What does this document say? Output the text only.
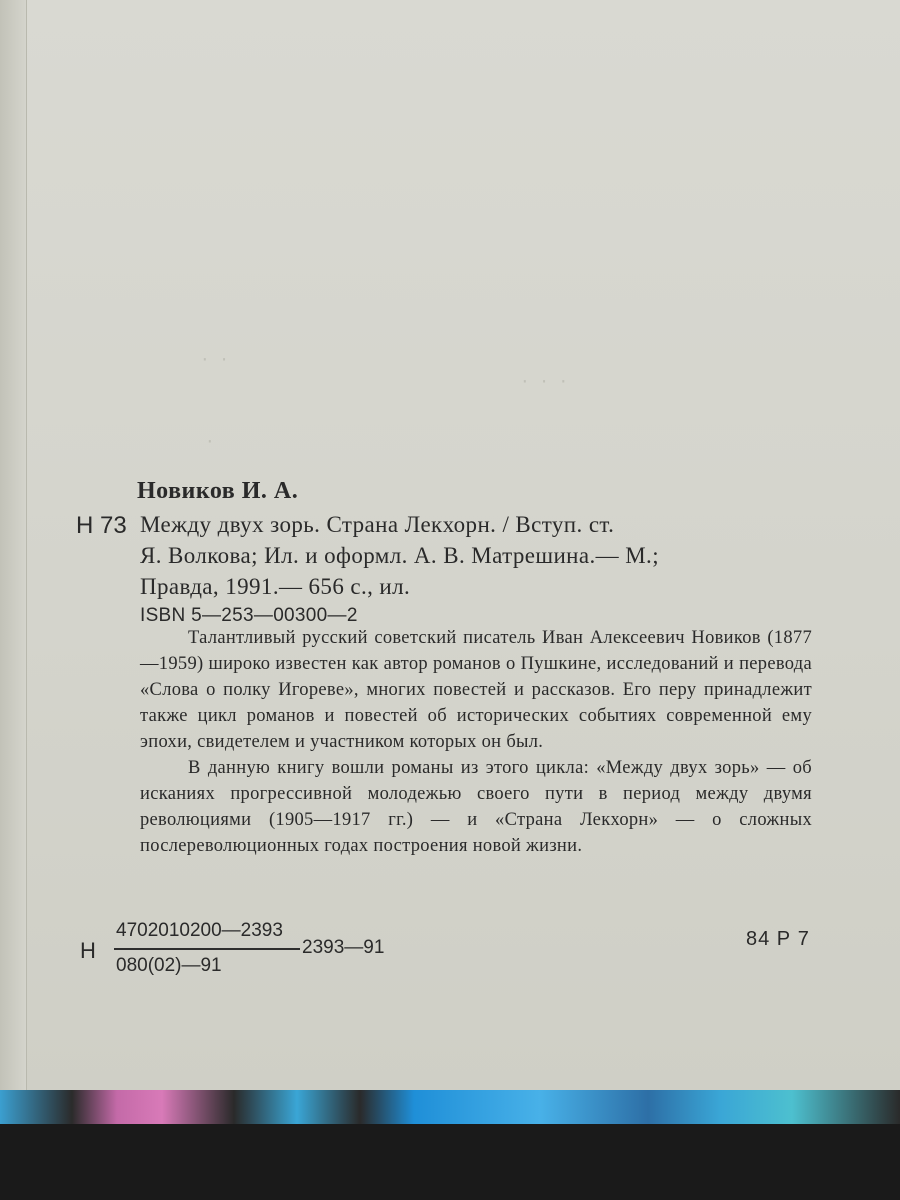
· ·
· · ·
·
Новиков И. А.
Н 73 Между двух зорь. Страна Лекхорн. / Вступ. ст.
Я. Волкова; Ил. и оформл. А. В. Матрешина.— М.;
Правда, 1991.— 656 с., ил.
ISBN 5—253—00300—2

Талантливый русский советский писатель Иван Алексеевич Новиков (1877—1959) широко известен как автор романов о Пушкине, исследований и перевода «Слова о полку Игореве», многих повестей и рассказов. Его перу принадлежит также цикл романов и повестей об исторических событиях современной ему эпохи, свидетелем и участником которых он был.

В данную книгу вошли романы из этого цикла: «Между двух зорь» — об исканиях прогрессивной молодежью своего пути в период между двумя революциями (1905—1917 гг.) — и «Страна Лекхорн» — о сложных послереволюционных годах построения новой жизни.

Н
4702010200—2393
080(02)—91
2393—91	84 Р 7
